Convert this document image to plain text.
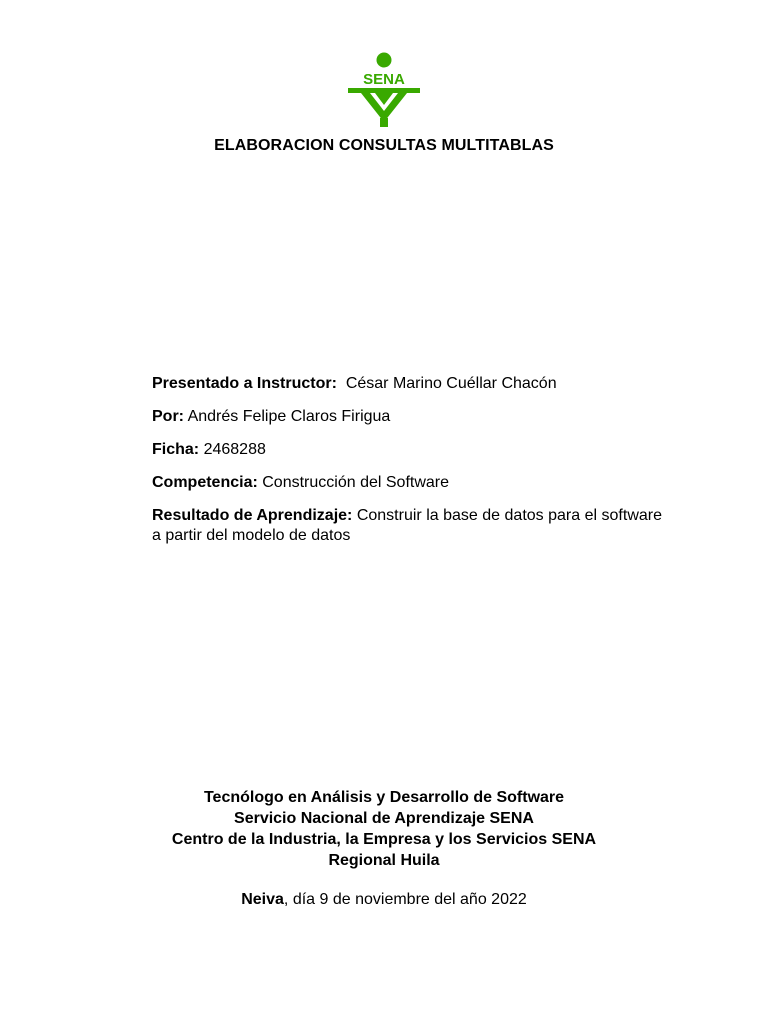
SENA
ELABORACION CONSULTAS MULTITABLAS
Presentado a Instructor: César Marino Cuéllar Chacón
Por: Andrés Felipe Claros Firigua
Ficha: 2468288
Competencia: Construcción del Software
Resultado de Aprendizaje: Construir la base de datos para el software a partir del modelo de datos
Tecnólogo en Análisis y Desarrollo de Software
Servicio Nacional de Aprendizaje SENA
Centro de la Industria, la Empresa y los Servicios SENA
Regional Huila
Neiva, día 9 de noviembre del año 2022
